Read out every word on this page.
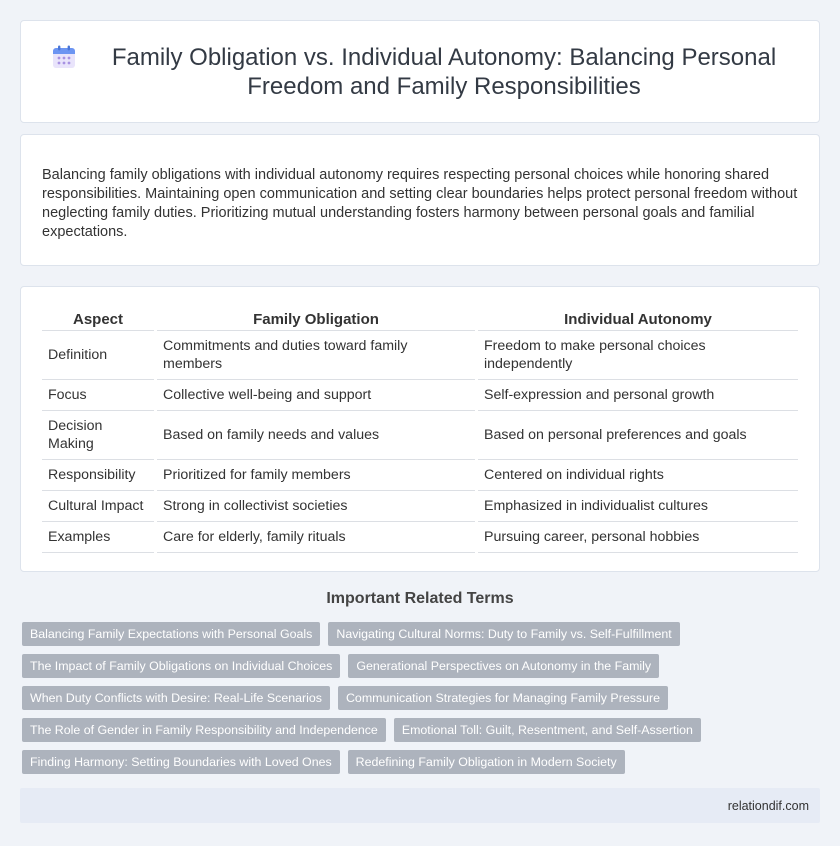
Family Obligation vs. Individual Autonomy: Balancing Personal Freedom and Family Responsibilities

Balancing family obligations with individual autonomy requires respecting personal choices while honoring shared responsibilities. Maintaining open communication and setting clear boundaries helps protect personal freedom without neglecting family duties. Prioritizing mutual understanding fosters harmony between personal goals and familial expectations.

Aspect	Family Obligation	Individual Autonomy
Definition	Commitments and duties toward family members	Freedom to make personal choices independently
Focus	Collective well-being and support	Self-expression and personal growth
Decision Making	Based on family needs and values	Based on personal preferences and goals
Responsibility	Prioritized for family members	Centered on individual rights
Cultural Impact	Strong in collectivist societies	Emphasized in individualist cultures
Examples	Care for elderly, family rituals	Pursuing career, personal hobbies
Important Related Terms
Balancing Family Expectations with Personal Goals	Navigating Cultural Norms: Duty to Family vs. Self-Fulfillment
The Impact of Family Obligations on Individual Choices	Generational Perspectives on Autonomy in the Family
When Duty Conflicts with Desire: Real-Life Scenarios	Communication Strategies for Managing Family Pressure
The Role of Gender in Family Responsibility and Independence	Emotional Toll: Guilt, Resentment, and Self-Assertion
Finding Harmony: Setting Boundaries with Loved Ones	Redefining Family Obligation in Modern Society
relationdif.com
